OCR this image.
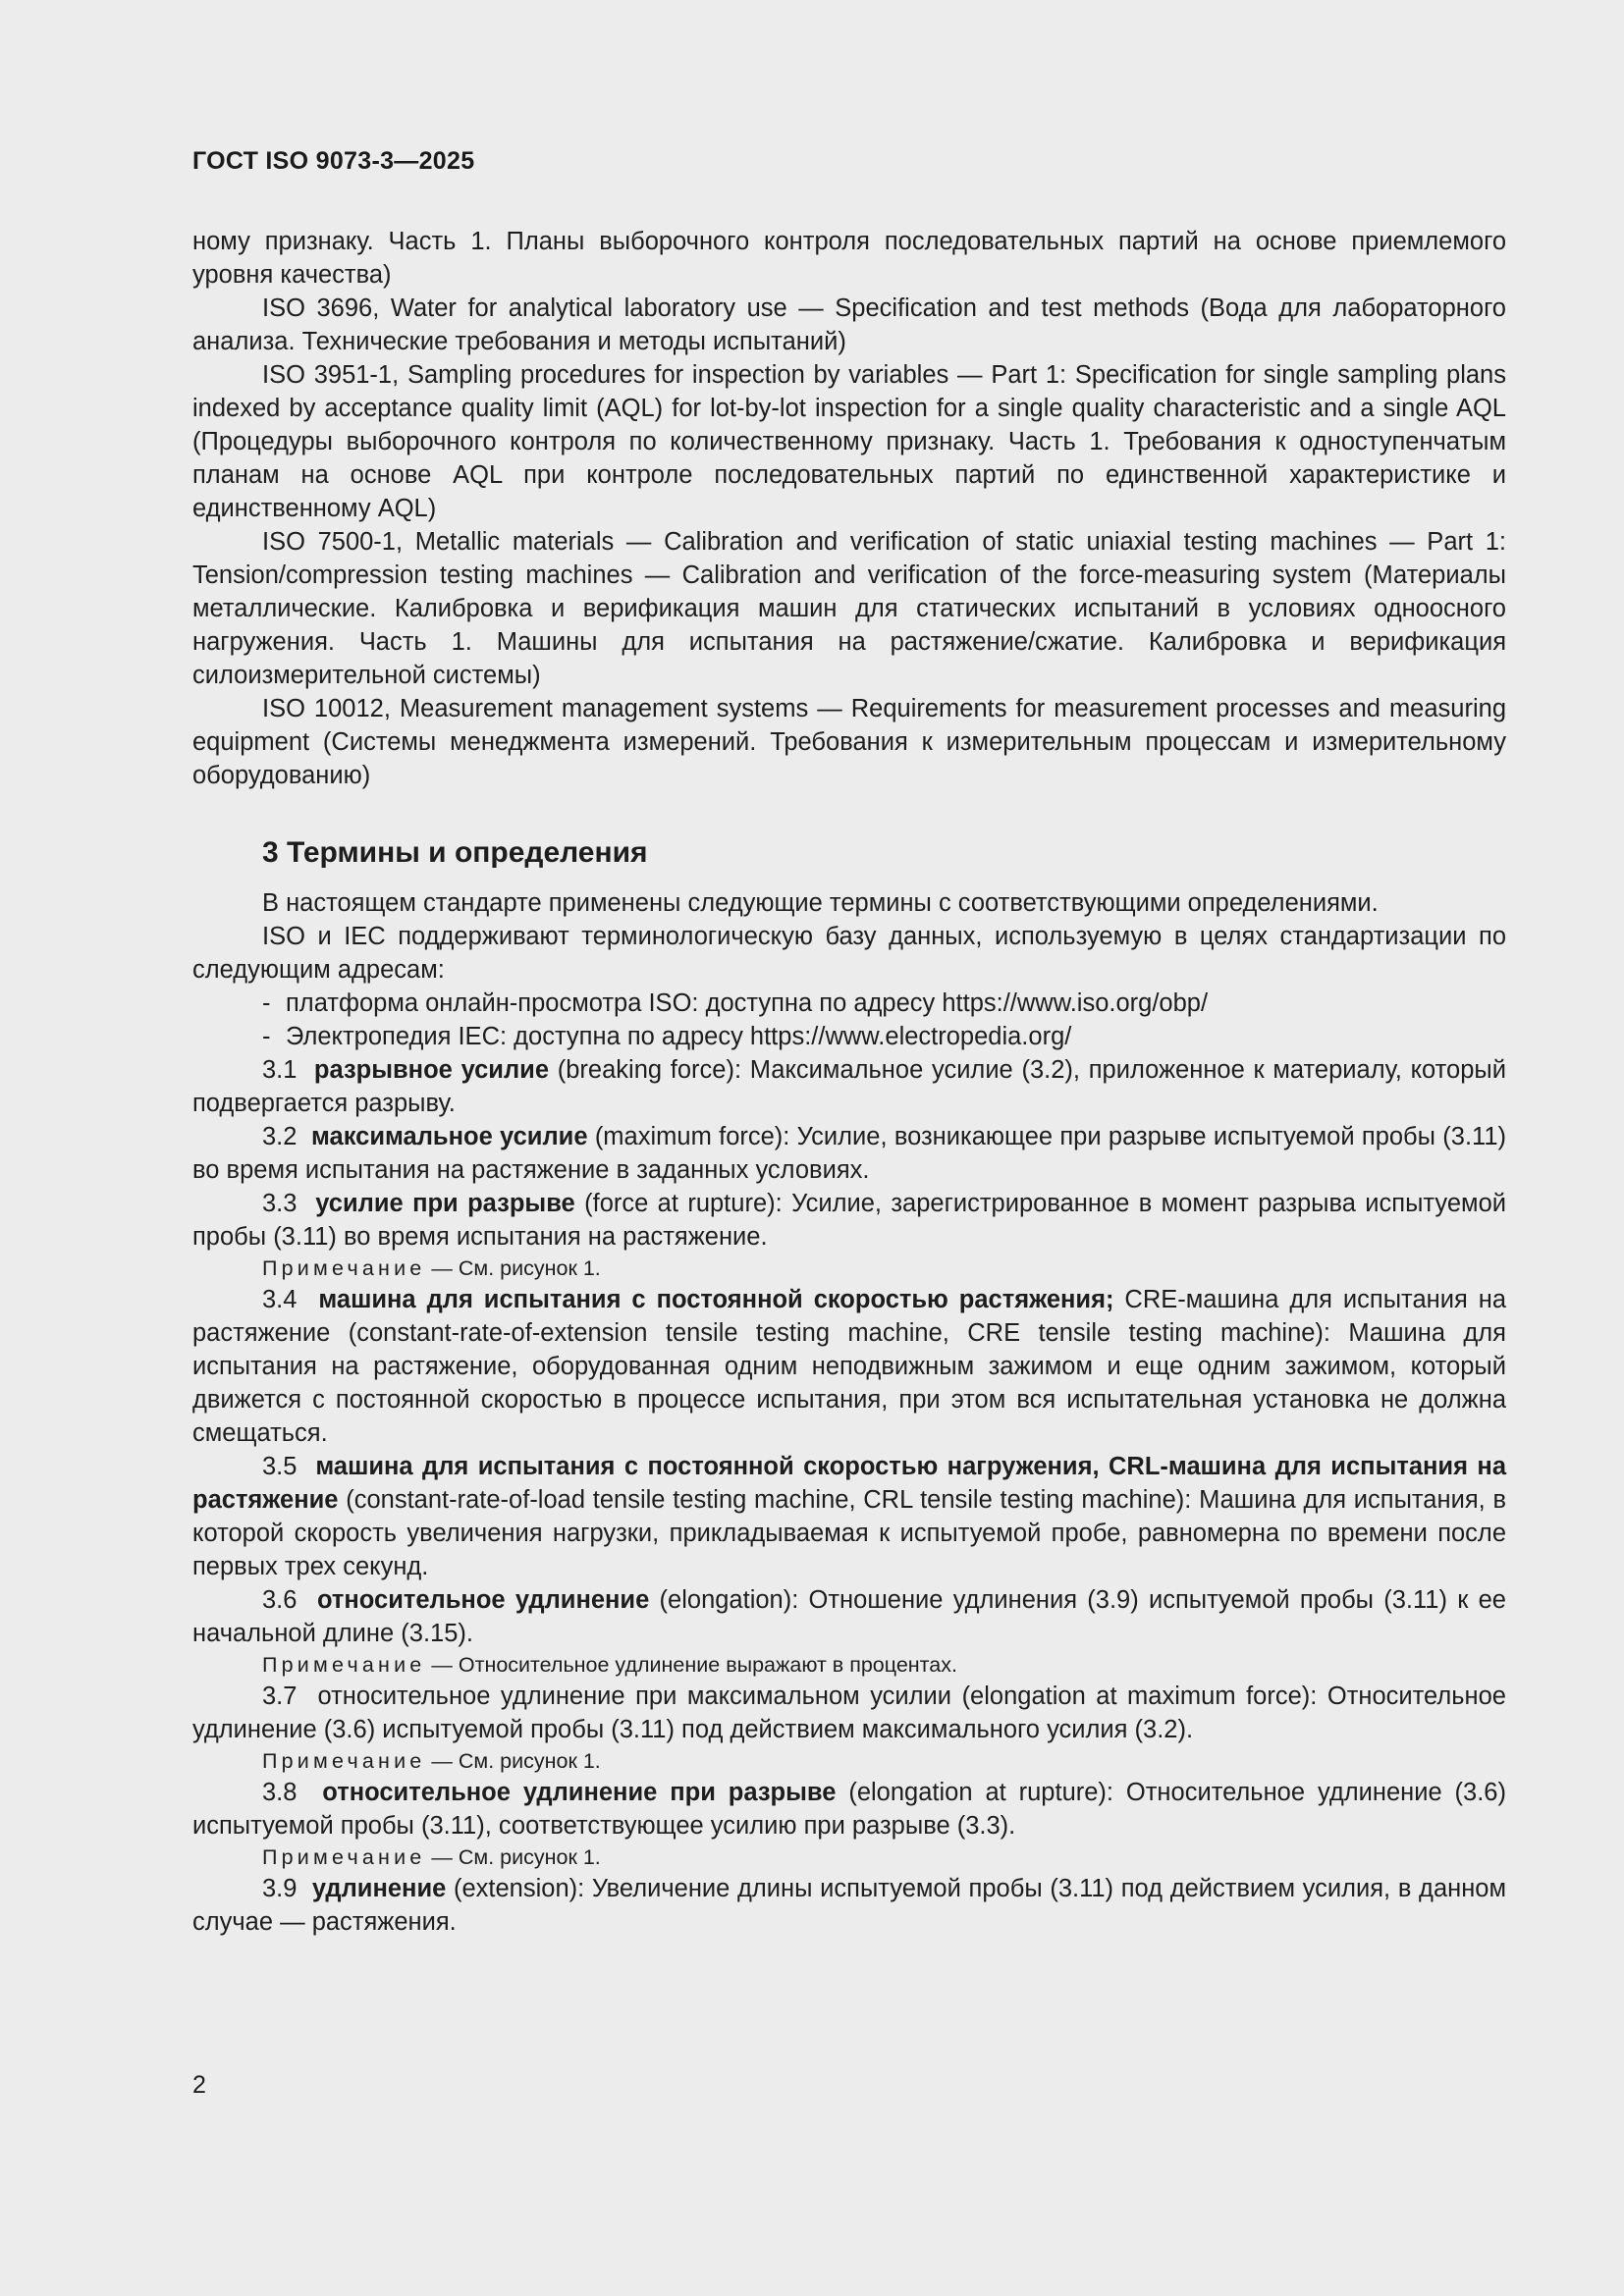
ГОСТ ISO 9073-3—2025

ному признаку. Часть 1. Планы выборочного контроля последовательных партий на основе приемлемого уровня качества)

ISO 3696, Water for analytical laboratory use — Specification and test methods (Вода для лабораторного анализа. Технические требования и методы испытаний)

ISO 3951-1, Sampling procedures for inspection by variables — Part 1: Specification for single sampling plans indexed by acceptance quality limit (AQL) for lot-by-lot inspection for a single quality characteristic and a single AQL (Процедуры выборочного контроля по количественному признаку. Часть 1. Требования к одноступенчатым планам на основе AQL при контроле последовательных партий по единственной характеристике и единственному AQL)

ISO 7500-1, Metallic materials — Calibration and verification of static uniaxial testing machines — Part 1: Tension/compression testing machines — Calibration and verification of the force-measuring system (Материалы металлические. Калибровка и верификация машин для статических испытаний в условиях одноосного нагружения. Часть 1. Машины для испытания на растяжение/сжатие. Калибровка и верификация силоизмерительной системы)

ISO 10012, Measurement management systems — Requirements for measurement processes and measuring equipment (Системы менеджмента измерений. Требования к измерительным процессам и измерительному оборудованию)

3 Термины и определения

В настоящем стандарте применены следующие термины с соответствующими определениями.

ISO и IEC поддерживают терминологическую базу данных, используемую в целях стандартизации по следующим адресам:

- платформа онлайн-просмотра ISO: доступна по адресу https://www.iso.org/obp/

- Электропедия IEC: доступна по адресу https://www.electropedia.org/

3.1 разрывное усилие (breaking force): Максимальное усилие (3.2), приложенное к материалу, который подвергается разрыву.

3.2 максимальное усилие (maximum force): Усилие, возникающее при разрыве испытуемой пробы (3.11) во время испытания на растяжение в заданных условиях.

3.3 усилие при разрыве (force at rupture): Усилие, зарегистрированное в момент разрыва испытуемой пробы (3.11) во время испытания на растяжение.

Примечание — См. рисунок 1.

3.4 машина для испытания с постоянной скоростью растяжения; CRE-машина для испытания на растяжение (constant-rate-of-extension tensile testing machine, CRE tensile testing machine): Машина для испытания на растяжение, оборудованная одним неподвижным зажимом и еще одним зажимом, который движется с постоянной скоростью в процессе испытания, при этом вся испытательная установка не должна смещаться.

3.5 машина для испытания с постоянной скоростью нагружения, CRL-машина для испытания на растяжение (constant-rate-of-load tensile testing machine, CRL tensile testing machine): Машина для испытания, в которой скорость увеличения нагрузки, прикладываемая к испытуемой пробе, равномерна по времени после первых трех секунд.

3.6 относительное удлинение (elongation): Отношение удлинения (3.9) испытуемой пробы (3.11) к ее начальной длине (3.15).

Примечание — Относительное удлинение выражают в процентах.

3.7 относительное удлинение при максимальном усилии (elongation at maximum force): Относительное удлинение (3.6) испытуемой пробы (3.11) под действием максимального усилия (3.2).

Примечание — См. рисунок 1.

3.8 относительное удлинение при разрыве (elongation at rupture): Относительное удлинение (3.6) испытуемой пробы (3.11), соответствующее усилию при разрыве (3.3).

Примечание — См. рисунок 1.

3.9 удлинение (extension): Увеличение длины испытуемой пробы (3.11) под действием усилия, в данном случае — растяжения.

2
